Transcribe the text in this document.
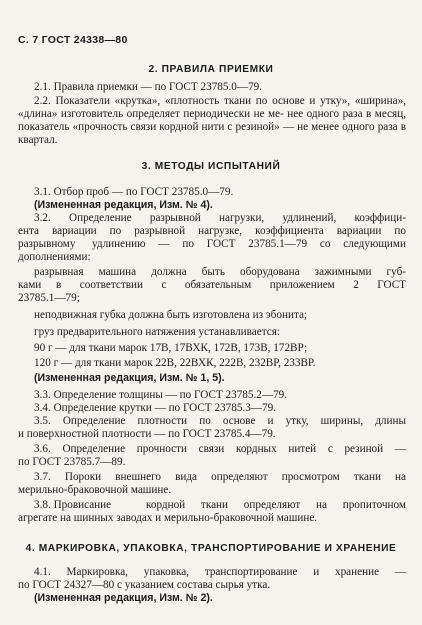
С. 7 ГОСТ 24338—80
2. ПРАВИЛА ПРИЕМКИ
2.1. Правила приемки — по ГОСТ 23785.0—79.
2.2. Показатели «крутка», «плотность ткани по основе и утку», «ширина», «длина» изготовитель определяет периодически не ме- нее одного раза в месяц, показатель «прочность связи кордной нити с резиной» — не менее одного раза в квартал.
3. МЕТОДЫ ИСПЫТАНИЙ
3.1. Отбор проб — по ГОСТ 23785.0—79.
(Измененная редакция, Изм. № 4).
3.2. Определение разрывной нагрузки, удлинений, коэффици-
ента вариации по разрывной нагрузке, коэффициента вариации по
разрывному удлинению — по ГОСТ 23785.1—79 со следующими
дополнениями:
разрывная машина должна быть оборудована зажимными губ-
ками в соответствии с обязательным приложением 2 ГОСТ
23785.1—79;
неподвижная губка должна быть изготовлена из эбонита;
груз предварительного натяжения устанавливается:
90 г — для ткани марок 17В, 17ВХК, 172В, 173В, 172ВР;
120 г — для ткани марок 22В, 22ВХК, 222В, 232ВР, 233ВР.
(Измененная редакция, Изм. № 1, 5).
3.3. Определение толщины — по ГОСТ 23785.2—79.
3.4. Определение крутки — по ГОСТ 23785.3—79.
3.5. Определение плотности по основе и утку, ширины, длины
и поверхностной плотности — по ГОСТ 23785.4—79.
3.6. Определение прочности связи кордных нитей с резиной —
по ГОСТ 23785.7—89.
3.7. Пороки внешнего вида определяют просмотром ткани на
мерильно-браковочной машине.
3.8. Провисание	кордной ткани определяют на пропиточном
агрегате на шинных заводах и мерильно-браковочной машине.
4. МАРКИРОВКА, УПАКОВКА, ТРАНСПОРТИРОВАНИЕ И ХРАНЕНИЕ
4.1. Маркировка, упаковка, транспортирование и хранение —
по ГОСТ 24327—80 с указанием состава сырья утка.
(Измененная редакция, Изм. № 2).
